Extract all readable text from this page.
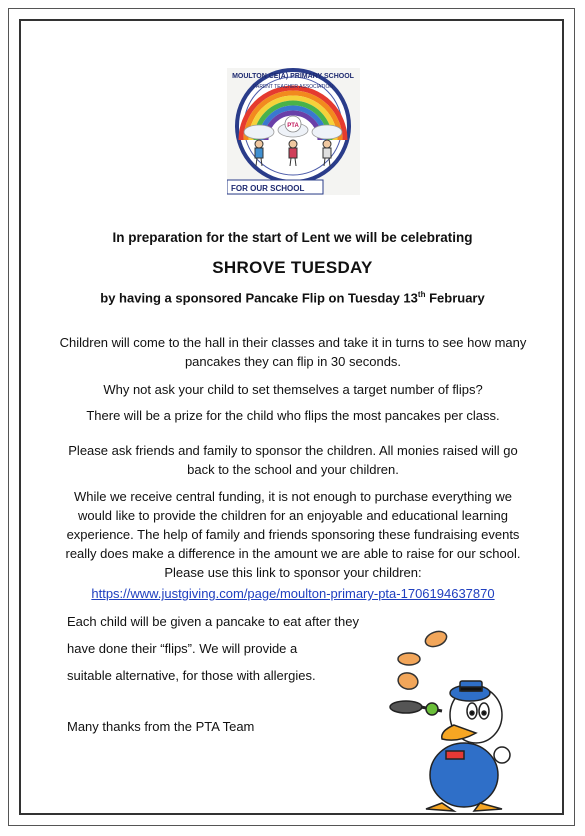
MOULTON CE(A) PRIMARY SCHOOL
PARENT TEACHER ASSOCIATION
PTA
FOR OUR SCHOOL
In preparation for the start of Lent we will be celebrating
SHROVE TUESDAY
by having a sponsored Pancake Flip on Tuesday 13th February
Children will come to the hall in their classes and take it in turns to see how many pancakes they can flip in 30 seconds.
Why not ask your child to set themselves a target number of flips?
There will be a prize for the child who flips the most pancakes per class.
Please ask friends and family to sponsor the children. All monies raised will go back to the school and your children.
While we receive central funding, it is not enough to purchase everything we would like to provide the children for an enjoyable and educational learning experience. The help of family and friends sponsoring these fundraising events really does make a difference in the amount we are able to raise for our school. Please use this link to sponsor your children:
https://www.justgiving.com/page/moulton-primary-pta-1706194637870
Each child will be given a pancake to eat after they
have done their “flips”. We will provide a
suitable alternative, for those with allergies.
Many thanks from the PTA Team
